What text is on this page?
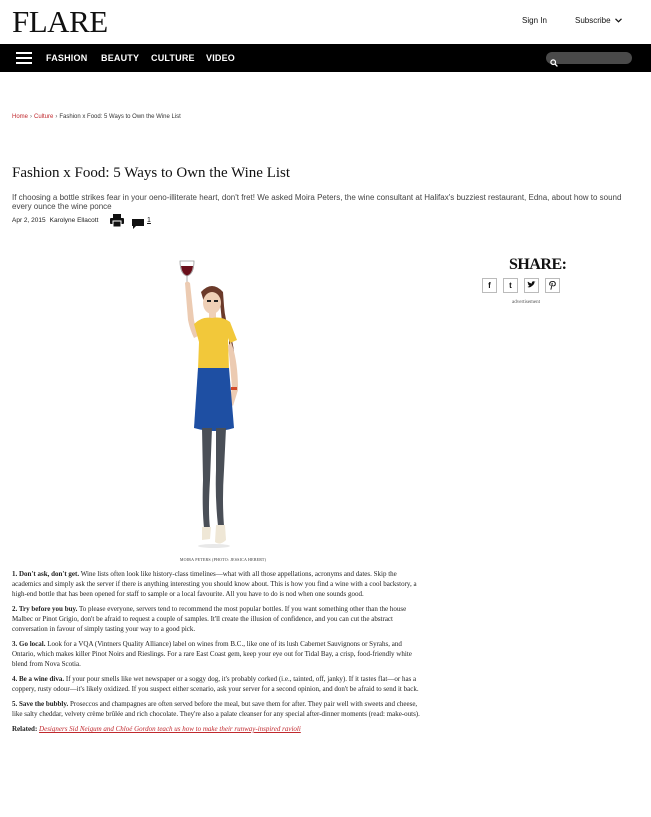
FLARE	Sign In	Subscribe
FASHION BEAUTY CULTURE VIDEO
Home › Culture › Fashion x Food: 5 Ways to Own the Wine List
Fashion x Food: 5 Ways to Own the Wine List
If choosing a bottle strikes fear in your oeno-illiterate heart, don't fret! We asked Moira Peters, the wine consultant at Halifax's buzziest restaurant, Edna, about how to sound every ounce the wine ponce
Apr 2, 2015 Karolyne Ellacott	1
MOIRA PETERS (PHOTO: JESSICA HEBERT)
SHARE:
f	t
advertisement

1. Don't ask, don't get. Wine lists often look like history-class timelines—what with all those appellations, acronyms and dates. Skip the academics and simply ask the server if there is anything interesting you should know about. This is how you find a wine with a cool backstory, a high-end bottle that has been opened for staff to sample or a local favourite. All you have to do is nod when one sounds good.

2. Try before you buy. To please everyone, servers tend to recommend the most popular bottles. If you want something other than the house Malbec or Pinot Grigio, don't be afraid to request a couple of samples. It'll create the illusion of confidence, and you can cut the abstract conversation in favour of simply tasting your way to a good pick.

3. Go local. Look for a VQA (Vintners Quality Alliance) label on wines from B.C., like one of its lush Cabernet Sauvignons or Syrahs, and Ontario, which makes killer Pinot Noirs and Rieslings. For a rare East Coast gem, keep your eye out for Tidal Bay, a crisp, food-friendly white blend from Nova Scotia.

4. Be a wine diva. If your pour smells like wet newspaper or a soggy dog, it's probably corked (i.e., tainted, off, janky). If it tastes flat—or has a coppery, rusty odour—it's likely oxidized. If you suspect either scenario, ask your server for a second opinion, and don't be afraid to send it back.

5. Save the bubbly. Proseccos and champagnes are often served before the meal, but save them for after. They pair well with sweets and cheese, like salty cheddar, velvety crème brûlée and rich chocolate. They're also a palate cleanser for any special after-dinner moments (read: make-outs).

Related: Designers Sid Neigum and Chloé Gordon teach us how to make their runway-inspired ravioli
